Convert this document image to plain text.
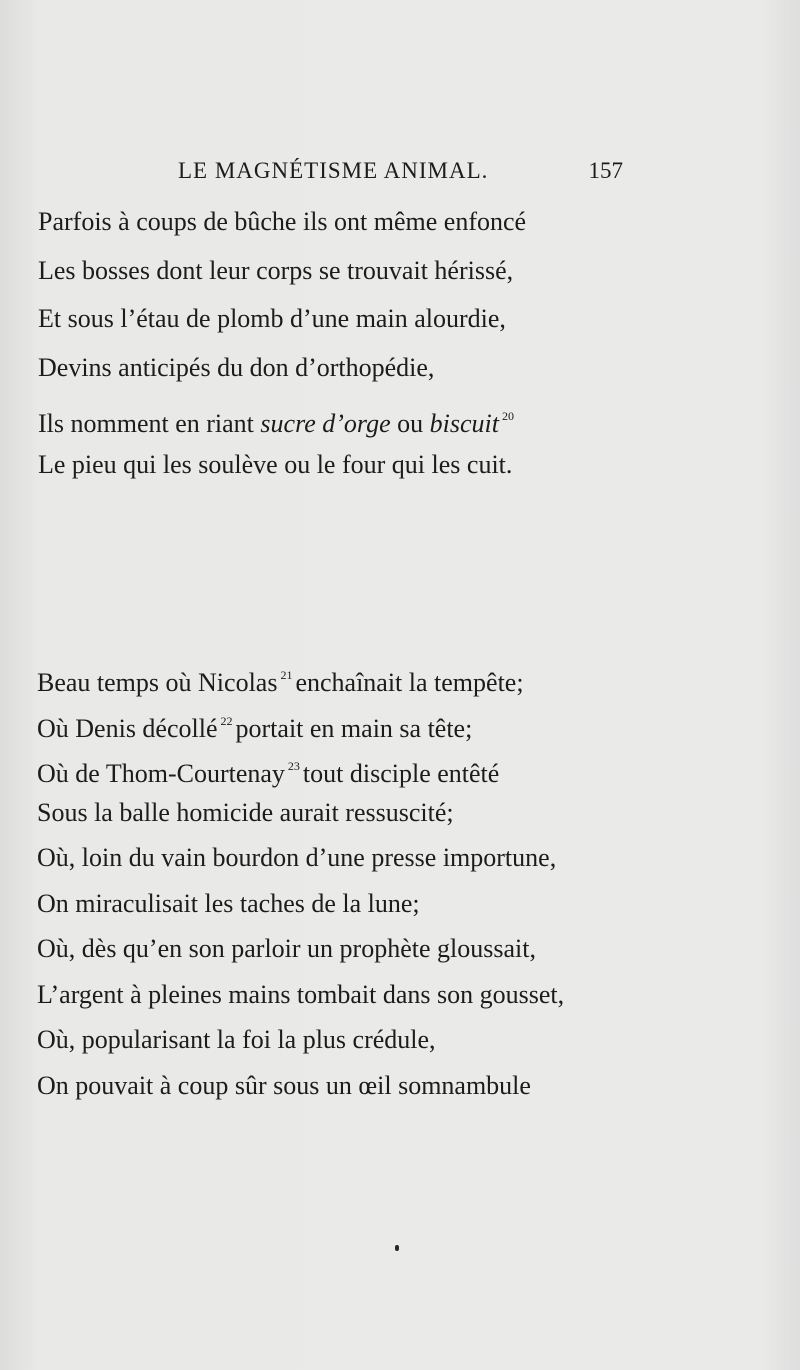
LE MAGNÉTISME ANIMAL.	157
Parfois à coups de bûche ils ont même enfoncé
Les bosses dont leur corps se trouvait hérissé,
Et sous l’étau de plomb d’une main alourdie,
Devins anticipés du don d’orthopédie,
Ils nomment en riant sucre d’orge ou biscuit $^{20}$
Le pieu qui les soulève ou le four qui les cuit.
Beau temps où Nicolas $^{21}$ enchaînait la tempête;
Où Denis décollé $^{22}$ portait en main sa tête;
Où de Thom-Courtenay $^{23}$ tout disciple entêté
Sous la balle homicide aurait ressuscité;
Où, loin du vain bourdon d’une presse importune,
On miraculisait les taches de la lune;
Où, dès qu’en son parloir un prophète gloussait,
L’argent à pleines mains tombait dans son gousset,
Où, popularisant la foi la plus crédule,
On pouvait à coup sûr sous un œil somnambule
